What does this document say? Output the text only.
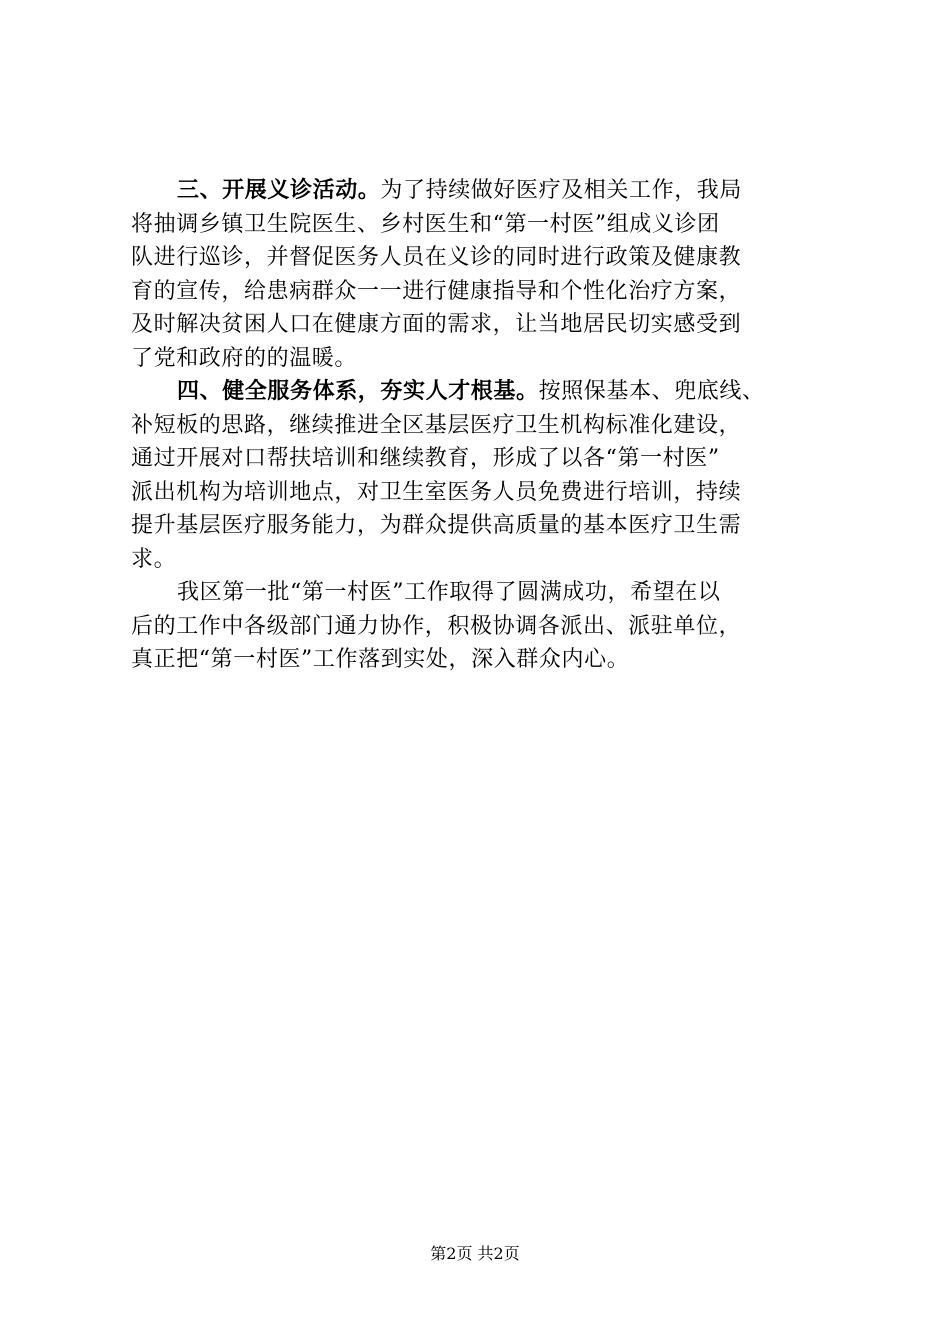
三、开展义诊活动。为了持续做好医疗及相关工作，我局
将抽调乡镇卫生院医生、乡村医生和“第一村医”组成义诊团
队进行巡诊，并督促医务人员在义诊的同时进行政策及健康教
育的宣传，给患病群众一一进行健康指导和个性化治疗方案，
及时解决贫困人口在健康方面的需求，让当地居民切实感受到
了党和政府的的温暖。
四、健全服务体系，夯实人才根基。按照保基本、兜底线、
补短板的思路，继续推进全区基层医疗卫生机构标准化建设，
通过开展对口帮扶培训和继续教育，形成了以各“第一村医”
派出机构为培训地点，对卫生室医务人员免费进行培训，持续
提升基层医疗服务能力，为群众提供高质量的基本医疗卫生需
求。
我区第一批“第一村医”工作取得了圆满成功，希望在以
后的工作中各级部门通力协作，积极协调各派出、派驻单位，
真正把“第一村医”工作落到实处，深入群众内心。
第2页 共2页
